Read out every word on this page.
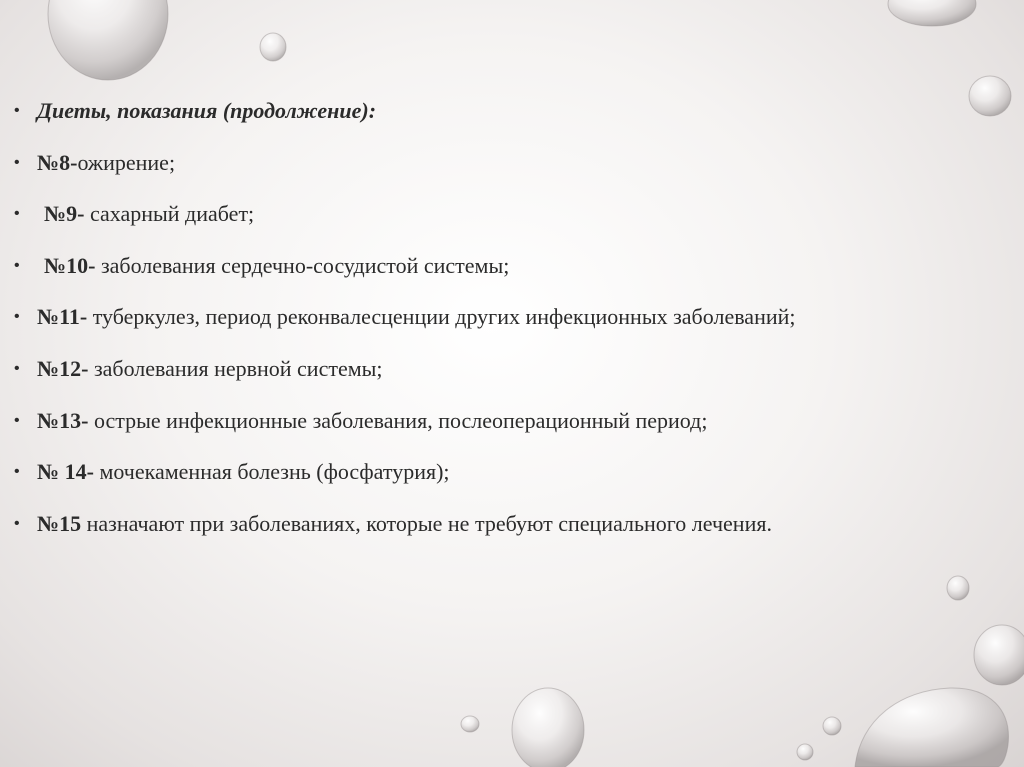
• Диеты, показания (продолжение):
• №8-ожирение;
• №9- сахарный диабет;
• №10- заболевания сердечно-сосудистой системы;
• №11- туберкулез, период реконвалесценции других инфекционных заболеваний;
• №12- заболевания нервной системы;
• №13- острые инфекционные заболевания, послеоперационный период;
• № 14- мочекаменная болезнь (фосфатурия);
• №15 назначают при заболеваниях, которые не требуют специального лечения.
